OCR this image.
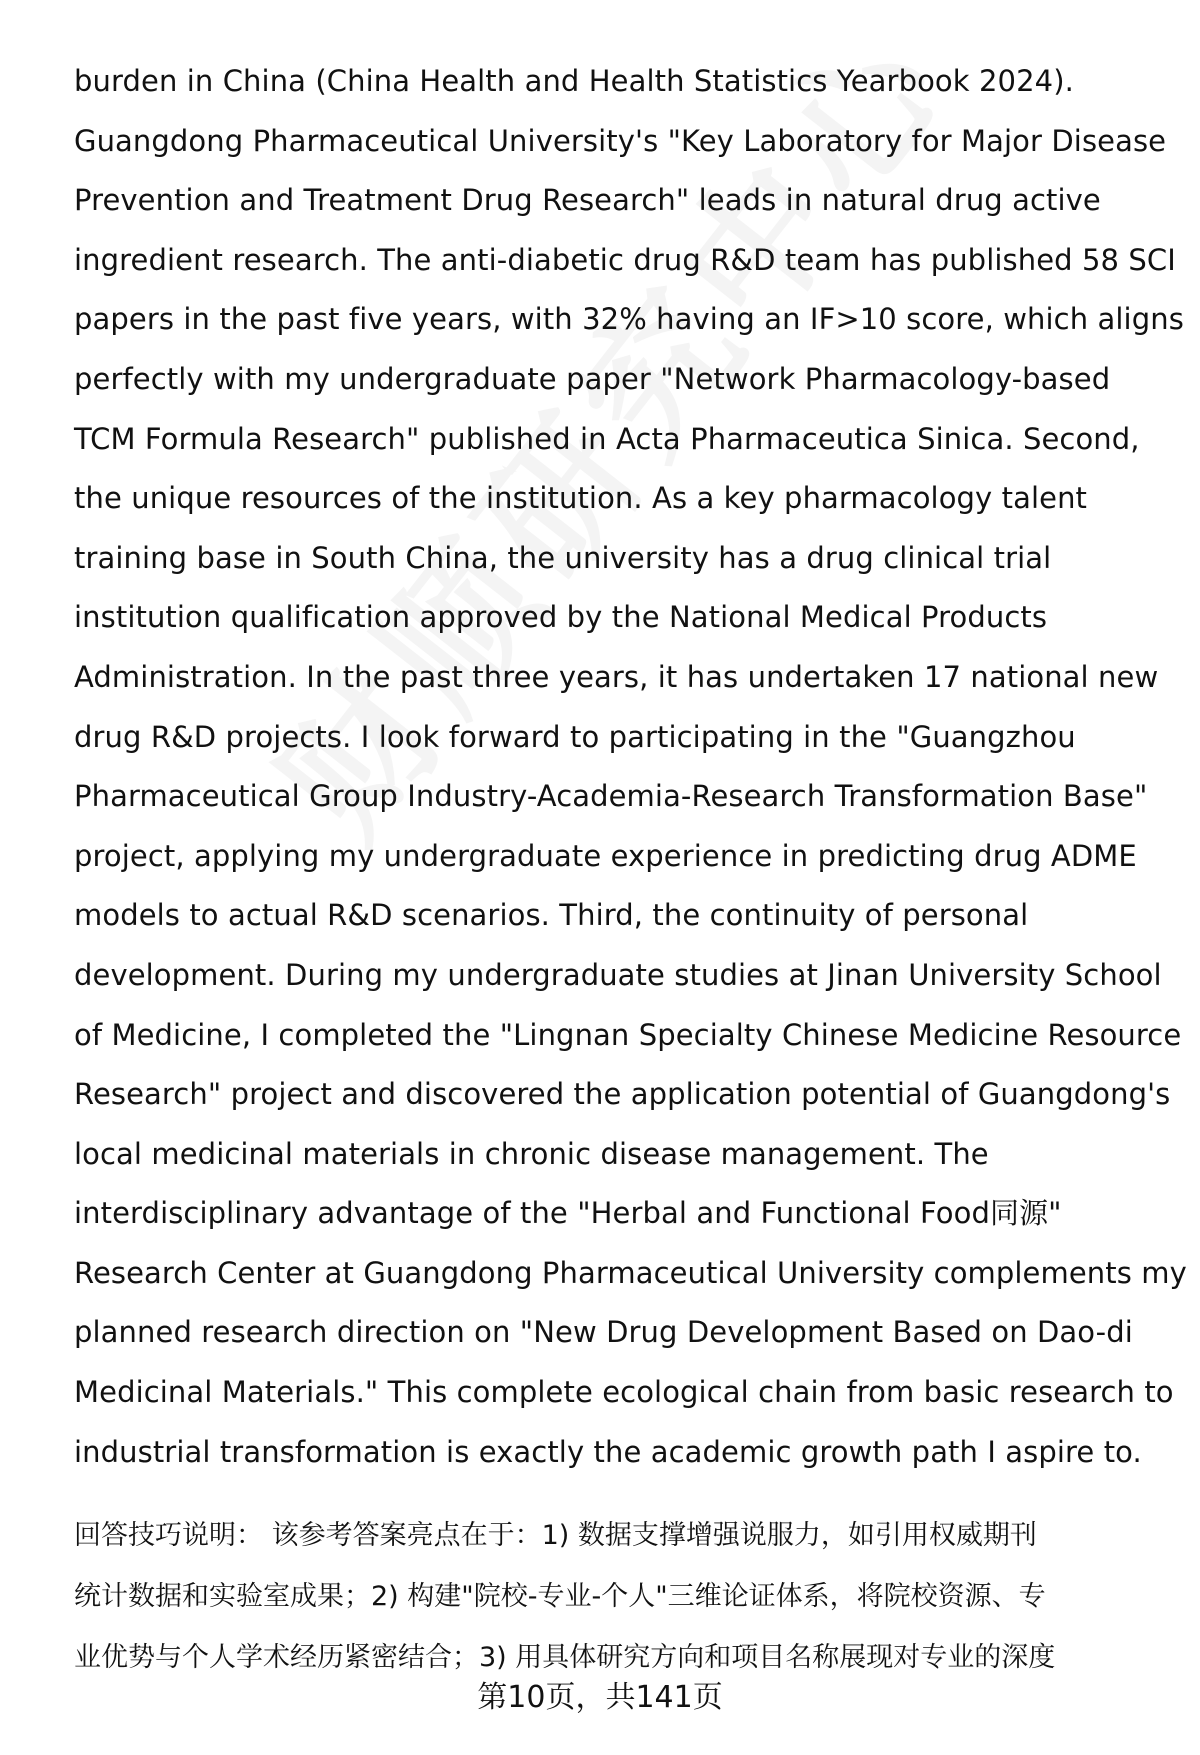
burden in China (China Health and Health Statistics Yearbook 2024).
Guangdong Pharmaceutical University's "Key Laboratory for Major Disease
Prevention and Treatment Drug Research" leads in natural drug active
ingredient research. The anti-diabetic drug R&D team has published 58 SCI
papers in the past five years, with 32% having an IF>10 score, which aligns
perfectly with my undergraduate paper "Network Pharmacology-based
TCM Formula Research" published in Acta Pharmaceutica Sinica. Second,
the unique resources of the institution. As a key pharmacology talent
training base in South China, the university has a drug clinical trial
institution qualification approved by the National Medical Products
Administration. In the past three years, it has undertaken 17 national new
drug R&D projects. I look forward to participating in the "Guangzhou
Pharmaceutical Group Industry-Academia-Research Transformation Base"
project, applying my undergraduate experience in predicting drug ADME
models to actual R&D scenarios. Third, the continuity of personal
development. During my undergraduate studies at Jinan University School
of Medicine, I completed the "Lingnan Specialty Chinese Medicine Resource
Research" project and discovered the application potential of Guangdong's
local medicinal materials in chronic disease management. The
interdisciplinary advantage of the "Herbal and Functional Food同源"
Research Center at Guangdong Pharmaceutical University complements my
planned research direction on "New Drug Development Based on Dao-di
Medicinal Materials." This complete ecological chain from basic research to
industrial transformation is exactly the academic growth path I aspire to.
回答技巧说明： 该参考答案亮点在于：1) 数据支撑增强说服力，如引用权威期刊
统计数据和实验室成果；2) 构建"院校-专业-个人"三维论证体系，将院校资源、专
业优势与个人学术经历紧密结合；3) 用具体研究方向和项目名称展现对专业的深度
第10页，共141页
